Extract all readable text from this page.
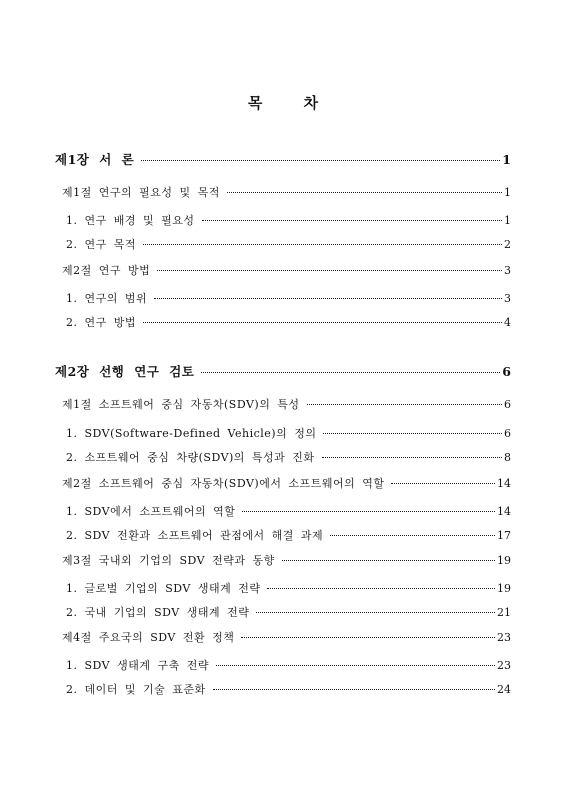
목 차
제1장 서 론	1
제1절 연구의 필요성 및 목적	1
1. 연구 배경 및 필요성	1
2. 연구 목적	2
제2절 연구 방법	3
1. 연구의 범위	3
2. 연구 방법	4
제2장 선행 연구 검토	6
제1절 소프트웨어 중심 자동차(SDV)의 특성	6
1. SDV(Software-Defined Vehicle)의 정의	6
2. 소프트웨어 중심 차량(SDV)의 특성과 진화	8
제2절 소프트웨어 중심 자동차(SDV)에서 소프트웨어의 역할	14
1. SDV에서 소프트웨어의 역할	14
2. SDV 전환과 소프트웨어 관점에서 해결 과제	17
제3절 국내외 기업의 SDV 전략과 동향	19
1. 글로벌 기업의 SDV 생태계 전략	19
2. 국내 기업의 SDV 생태계 전략	21
제4절 주요국의 SDV 전환 정책	23
1. SDV 생태계 구축 전략	23
2. 데이터 및 기술 표준화	24
